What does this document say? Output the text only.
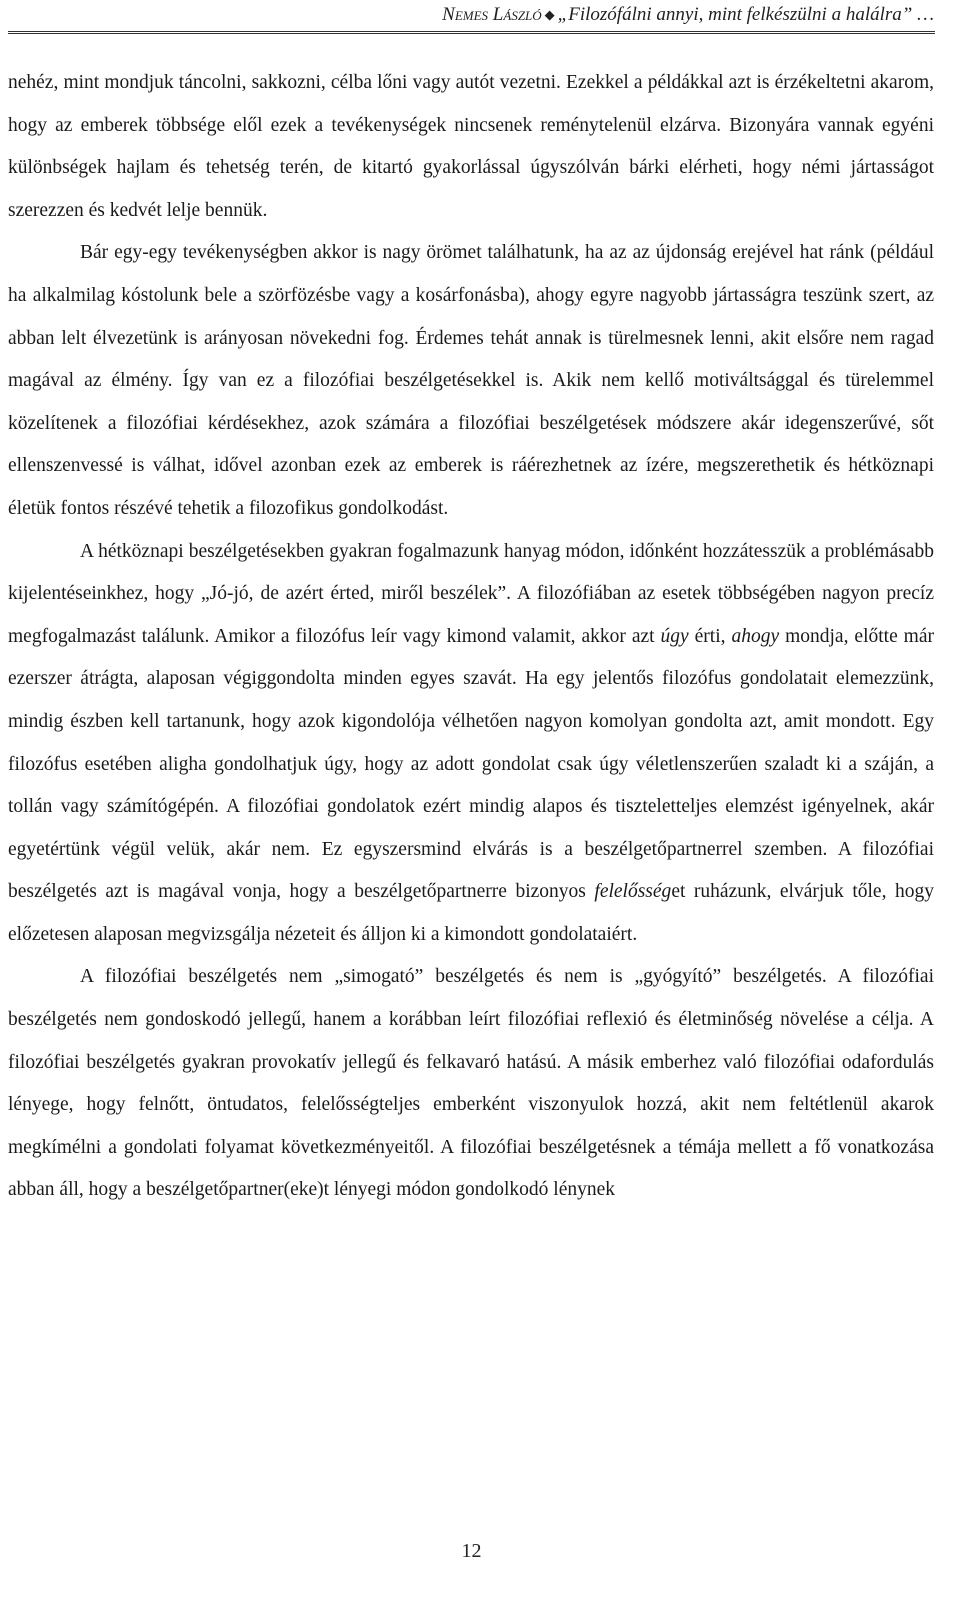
Nemes László ◆ „Filozófálni annyi, mint felkészülni a halálra” …

nehéz, mint mondjuk táncolni, sakkozni, célba lőni vagy autót vezetni. Ezekkel a példákkal azt is érzékeltetni akarom, hogy az emberek többsége elől ezek a tevékenységek nincsenek reménytelenül elzárva. Bizonyára vannak egyéni különbségek hajlam és tehetség terén, de kitartó gyakorlással úgyszólván bárki elérheti, hogy némi jártasságot szerezzen és kedvét lelje bennük.

Bár egy-egy tevékenységben akkor is nagy örömet találhatunk, ha az az újdonság erejével hat ránk (például ha alkalmilag kóstolunk bele a szörfözésbe vagy a kosárfonásba), ahogy egyre nagyobb jártasságra teszünk szert, az abban lelt élvezetünk is arányosan növekedni fog. Érdemes tehát annak is türelmesnek lenni, akit elsőre nem ragad magával az élmény. Így van ez a filozófiai beszélgetésekkel is. Akik nem kellő motiváltsággal és türelemmel közelítenek a filozófiai kérdésekhez, azok számára a filozófiai beszélgetések módszere akár idegenszerűvé, sőt ellenszenvessé is válhat, idővel azonban ezek az emberek is ráérezhetnek az ízére, megszerethetik és hétköznapi életük fontos részévé tehetik a filozofikus gondolkodást.

A hétköznapi beszélgetésekben gyakran fogalmazunk hanyag módon, időnként hozzátesszük a problémásabb kijelentéseinkhez, hogy „Jó-jó, de azért érted, miről beszélek”. A filozófiában az esetek többségében nagyon precíz megfogalmazást találunk. Amikor a filozófus leír vagy kimond valamit, akkor azt úgy érti, ahogy mondja, előtte már ezerszer átrágta, alaposan végiggondolta minden egyes szavát. Ha egy jelentős filozófus gondolatait elemezzünk, mindig észben kell tartanunk, hogy azok kigondolója vélhetően nagyon komolyan gondolta azt, amit mondott. Egy filozófus esetében aligha gondolhatjuk úgy, hogy az adott gondolat csak úgy véletlenszerűen szaladt ki a száján, a tollán vagy számítógépén. A filozófiai gondolatok ezért mindig alapos és tiszteletteljes elemzést igényelnek, akár egyetértünk végül velük, akár nem. Ez egyszersmind elvárás is a beszélgetőpartnerrel szemben. A filozófiai beszélgetés azt is magával vonja, hogy a beszélgetőpartnerre bizonyos felelősséget ruházunk, elvárjuk tőle, hogy előzetesen alaposan megvizsgálja nézeteit és álljon ki a kimondott gondolataiért.

A filozófiai beszélgetés nem „simogató” beszélgetés és nem is „gyógyító” beszélgetés. A filozófiai beszélgetés nem gondoskodó jellegű, hanem a korábban leírt filozófiai reflexió és életminőség növelése a célja. A filozófiai beszélgetés gyakran provokatív jellegű és felkavaró hatású. A másik emberhez való filozófiai odafordulás lényege, hogy felnőtt, öntudatos, felelősségteljes emberként viszonyulok hozzá, akit nem feltétlenül akarok megkímélni a gondolati folyamat következményeitől. A filozófiai beszélgetésnek a témája mellett a fő vonatkozása abban áll, hogy a beszélgetőpartner(eke)t lényegi módon gondolkodó lénynek

12
